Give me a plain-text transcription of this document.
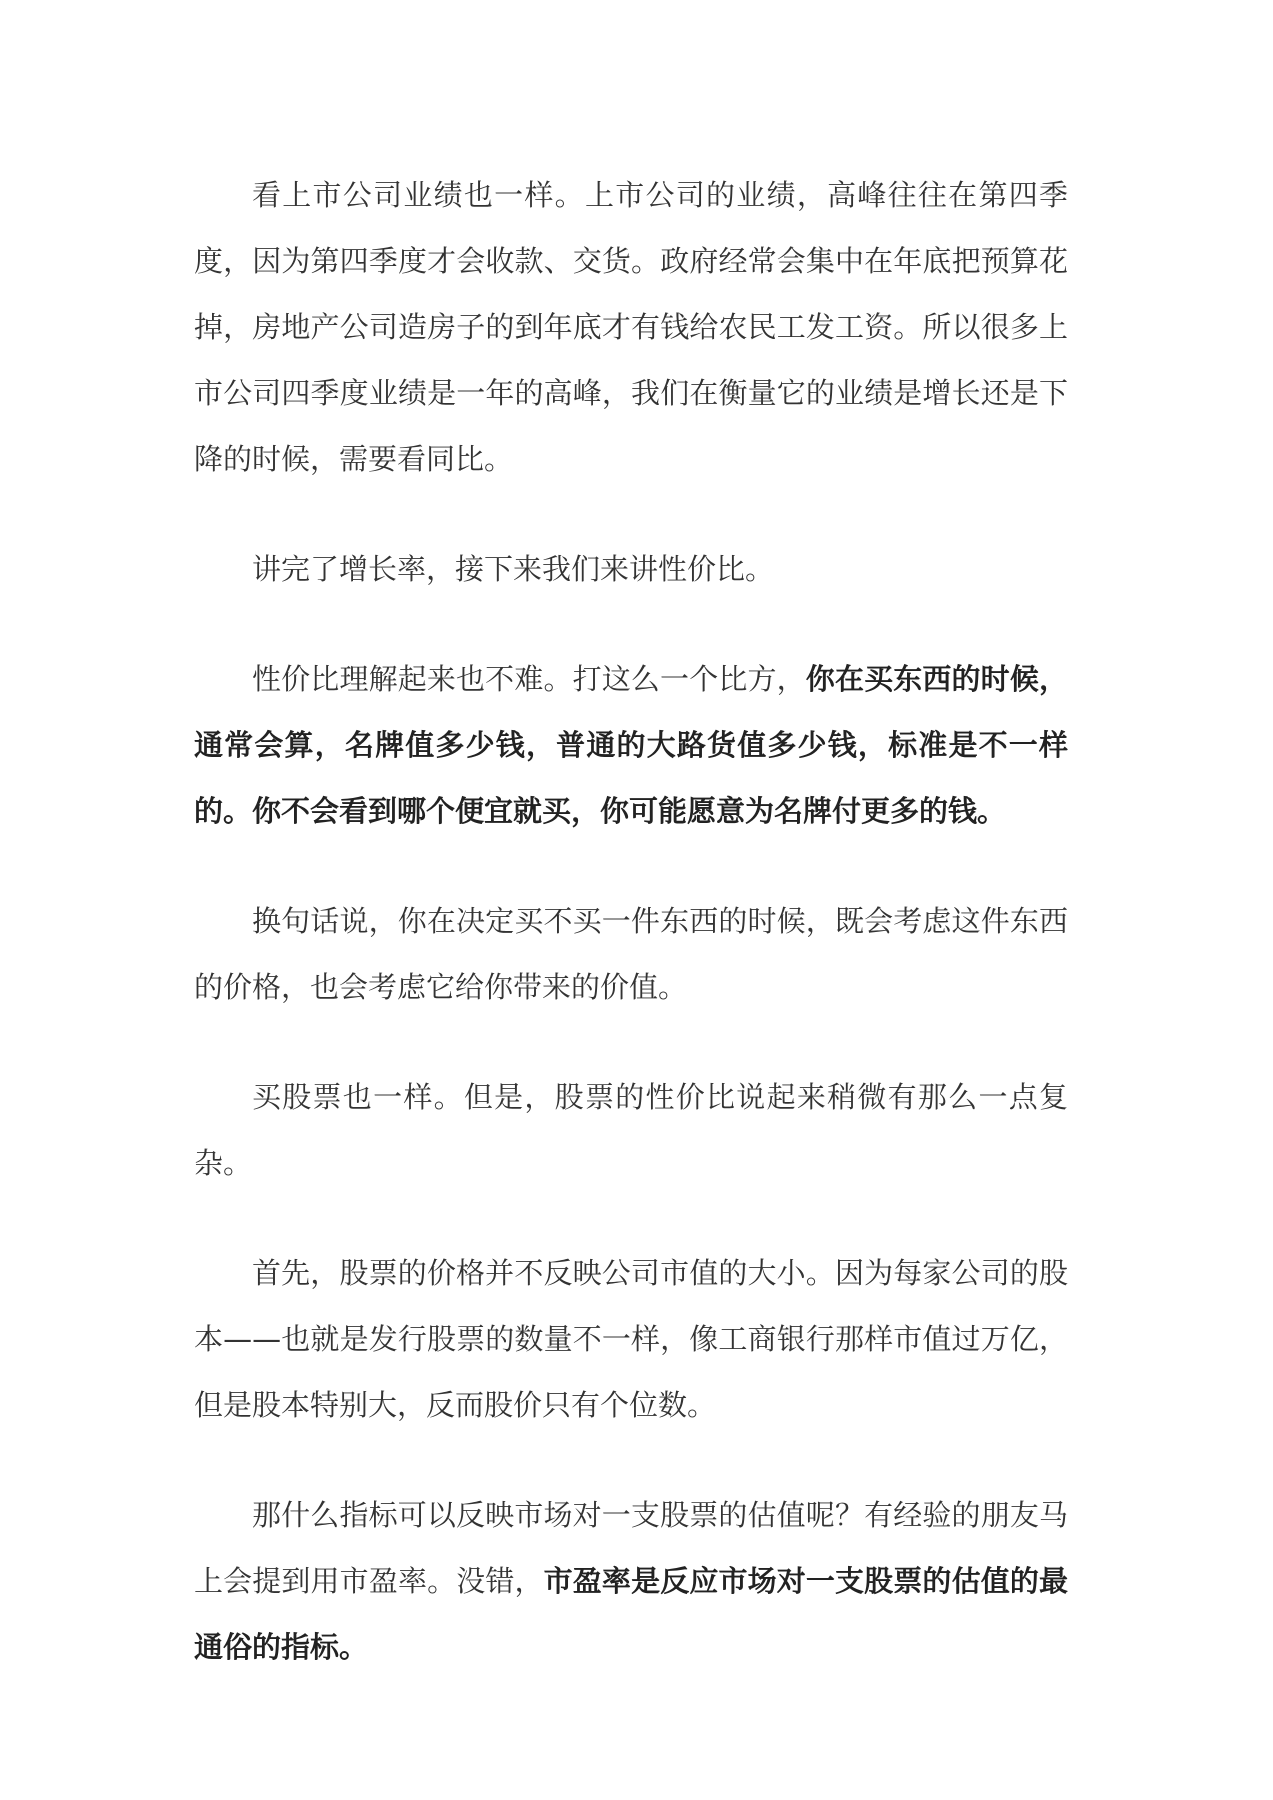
看上市公司业绩也一样。上市公司的业绩，高峰往往在第四季度，因为第四季度才会收款、交货。政府经常会集中在年底把预算花掉，房地产公司造房子的到年底才有钱给农民工发工资。所以很多上市公司四季度业绩是一年的高峰，我们在衡量它的业绩是增长还是下降的时候，需要看同比。

讲完了增长率，接下来我们来讲性价比。

性价比理解起来也不难。打这么一个比方，你在买东西的时候，通常会算，名牌值多少钱，普通的大路货值多少钱，标准是不一样的。你不会看到哪个便宜就买，你可能愿意为名牌付更多的钱。

换句话说，你在决定买不买一件东西的时候，既会考虑这件东西的价格，也会考虑它给你带来的价值。

买股票也一样。但是，股票的性价比说起来稍微有那么一点复杂。

首先，股票的价格并不反映公司市值的大小。因为每家公司的股本——也就是发行股票的数量不一样，像工商银行那样市值过万亿，但是股本特别大，反而股价只有个位数。

那什么指标可以反映市场对一支股票的估值呢？有经验的朋友马上会提到用市盈率。没错，市盈率是反应市场对一支股票的估值的最通俗的指标。
